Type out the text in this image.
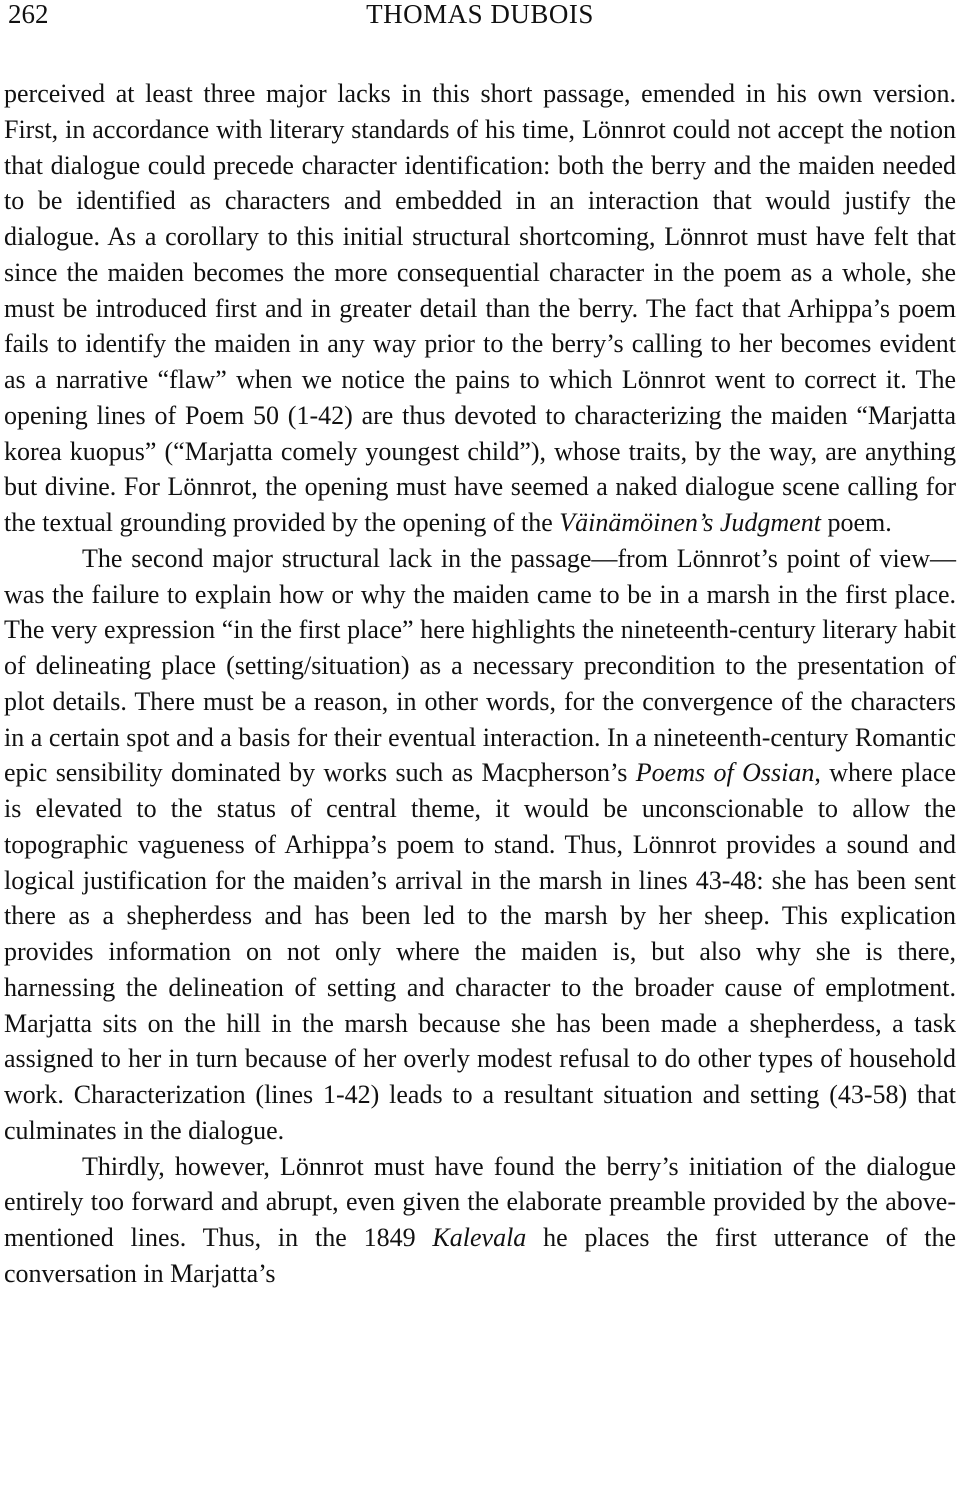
262	THOMAS DUBOIS

perceived at least three major lacks in this short passage, emended in his own version. First, in accordance with literary standards of his time, Lönnrot could not accept the notion that dialogue could precede character identification: both the berry and the maiden needed to be identified as characters and embedded in an interaction that would justify the dialogue. As a corollary to this initial structural shortcoming, Lönnrot must have felt that since the maiden becomes the more consequential character in the poem as a whole, she must be introduced first and in greater detail than the berry. The fact that Arhippa’s poem fails to identify the maiden in any way prior to the berry’s calling to her becomes evident as a narrative “flaw” when we notice the pains to which Lönnrot went to correct it. The opening lines of Poem 50 (1-42) are thus devoted to characterizing the maiden “Marjatta korea kuopus” (“Marjatta comely youngest child”), whose traits, by the way, are anything but divine. For Lönnrot, the opening must have seemed a naked dialogue scene calling for the textual grounding provided by the opening of the Väinämöinen’s Judgment poem.

The second major structural lack in the passage—from Lönnrot’s point of view—was the failure to explain how or why the maiden came to be in a marsh in the first place. The very expression “in the first place” here highlights the nineteenth-century literary habit of delineating place (setting/situation) as a necessary precondition to the presentation of plot details. There must be a reason, in other words, for the convergence of the characters in a certain spot and a basis for their eventual interaction. In a nineteenth-century Romantic epic sensibility dominated by works such as Macpherson’s Poems of Ossian, where place is elevated to the status of central theme, it would be unconscionable to allow the topographic vagueness of Arhippa’s poem to stand. Thus, Lönnrot provides a sound and logical justification for the maiden’s arrival in the marsh in lines 43-48: she has been sent there as a shepherdess and has been led to the marsh by her sheep. This explication provides information on not only where the maiden is, but also why she is there, harnessing the delineation of setting and character to the broader cause of emplotment. Marjatta sits on the hill in the marsh because she has been made a shepherdess, a task assigned to her in turn because of her overly modest refusal to do other types of household work. Characterization (lines 1-42) leads to a resultant situation and setting (43-58) that culminates in the dialogue.

Thirdly, however, Lönnrot must have found the berry’s initiation of the dialogue entirely too forward and abrupt, even given the elaborate preamble provided by the above-mentioned lines. Thus, in the 1849 Kalevala he places the first utterance of the conversation in Marjatta’s
